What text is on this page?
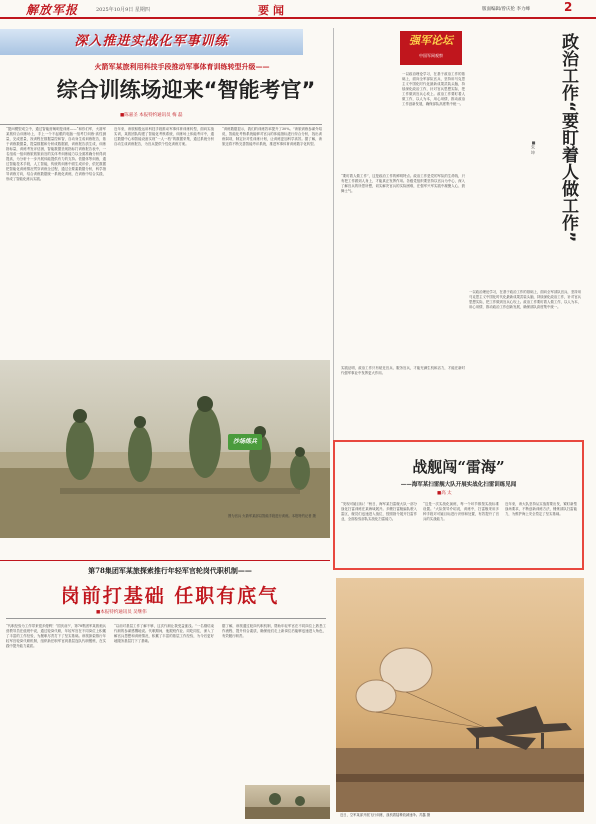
解放军报	2025年10月9日 星期四	要闻	版面编辑/曾庆伦 李力峰	2
深入推进实战化军事训练
火箭军某旅利用科技手段推动军事体育训练转型升级——
综合训练场迎来“智能考官”
■陈嘉圣 本报特约通讯员 梅 磊
“提问模型成立中，通过智能营阐明是训练——“和你们军，火箭军某旅综合训练场上，手上一个不起眼的电脑一组考打训练-高性测量，完成度量，视训程在数据量控和智，自动身生成训练报告，基于训练数据量，提量数据和分析成数据面，训练报告质生成，训练指标量，训练考发评估测，智能数据呈现指标打训练报告表中，一名组成一组训练旅旅旅前官的实体考训练能力以全面准确分析得到提高，为分析十一步开展体能提供有力的支持。依据体等训练，通过智能技术手段，人工智能，传统的训练中面生成评价，依托数据把智能化训练情况贯穿训练全过程，通过全要素数据分析，科学指导训练方向，结合训练数据统一系统化训练，在训练中结合实践，形成了智能化练兵实践。
近年来，该旅积极运用科技手段推动军事体育训练转型，面向实战实训，某旅团队构建了智能化考核系统，训练场上体能考评中，通过数据中心和智能设备实现“一人一档”的数据采集，通过系统分析自动生成训练报告，为官兵提供个性化训练方案。
“训练数据显示，我们的训练效率提升了30%。”该旅训练参谋介绍说，智能化考核系统能够对官兵的体能指标进行综合分析，找出训练弱项，制定针对性训练计划，让训练更加科学高效。据了解，该旅还将不断完善智能考评系统，推进军事体育训练数字化转型。
沙场练兵
图为官兵 火箭军某部以智能手段进行训练。本报特约记者 摄
强军论坛
中国军网观察	政治工作“要盯着人做工作”
■朱 坤
一以政治理论学习，在基于政治工作的基础上，面向全军部队官兵，坚持用马克思主义中国化时代化最新成果武装头脑，持续深化政治工作，针对官兵思想实际，把工作做到官兵心坎上。政治工作要盯着人做工作，以人为本，用心用情，推动政治工作创新发展，确保部队高度集中统一。
“要盯着人做工作”，这是政治工作的鲜明特点。政治工作是党的军队的生命线，只有把工作做到人身上，才能真正发挥作用。各级党组织要坚持以官兵为中心，深入了解官兵的所思所想，切实解决官兵的实际困难，在强军兴军实践中凝聚人心、鼓舞士气。
实践证明，政治工作只有贴近官兵、服务官兵，才能充满生机和活力，才能在新时代强军事业中发挥更大作用。
一以政治理论学习，在基于政治工作的基础上，面向全军部队官兵，坚持用马克思主义中国化时代化最新成果武装头脑，持续深化政治工作，针对官兵思想实际，把工作做到官兵心坎上。政治工作要盯着人做工作，以人为本，用心用情，推动政治工作创新发展，确保部队高度集中统一。
战舰闯“雷海”
——海军某扫雷舰大队开展实战化扫雷训练见闻
■高 太
“发现可疑目标！”秋日，海军某扫雷舰大队一部分战化扫雷训练在某海域展开。多艘扫雷舰编队驶入雷区，舰员们迅速进入战位，按照指令展开扫雷作业，全面检验部队实战化扫雷能力。
“这是一次实战化演练，每一个环节都按实战标准设置。”大队领导介绍说，训练中，扫雷舰采用多种手段对可疑目标进行识别和处置，有效提升了官兵的实战能力。
近年来，该大队坚持从实战需要出发，紧盯新型战场要求，不断创新训练方法，锤炼部队扫雷能力，为维护海上安全奠定了坚实基础。
第78集团军某旅探索推行年轻军官轮岗代职机制——
岗前打基础 任职有底气
■本报特约通讯员 吴继伟
“代职经验为工作带来很多便利！”国庆前夕，第78集团军某旅炮兵营教导员在值班中说，通过轮岗代职，年轻军官在不同岗位上积累了丰富的工作经验，为履职尽责打下了坚实基础。该旅探索推行年轻军官轮岗代职机制，组织新任职军官到基层连队代职锻炼，在实践中提升能力素质。
“以前对基层工作了解不够，这次代职让我受益匪浅。”一名刚结束代职的参谋感慨地说。代职期间，他跟班作业、同吃同住，深入了解官兵思想和训练情况，积累了丰富的基层工作经验，为今后更好地服务基层打下了基础。
据了解，该旅通过轮岗代职机制，帮助年轻军官在不同岗位上熟悉工作流程、提升综合素质，确保他们走上新岗位后能够迅速进入角色，有效履行职责。
近日，空军某部开展飞行训练，战机着陆释放减速伞。苏鑫 摄
